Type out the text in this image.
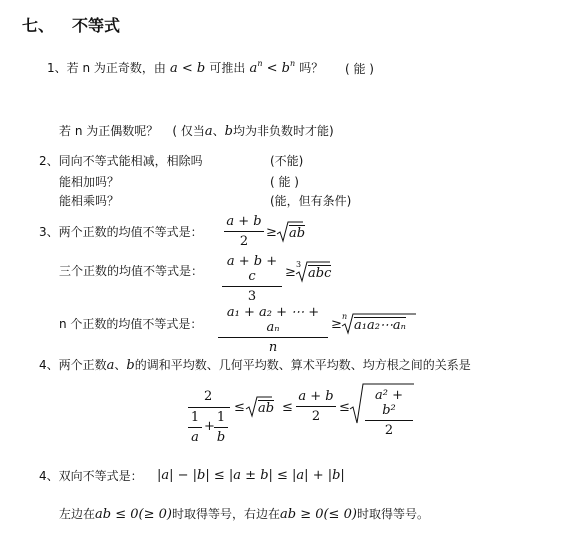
七、 不等式
1、若 n 为正奇数，由 a < b 可推出 $a^n < b^n$ 吗？ ( 能 )
若 n 为正偶数呢？ ( 仅当a、b均为非负数时才能)
2、同向不等式能相减，相除吗	(不能)
能相加吗？	( 能 )
能相乘吗？	(能，但有条件)
3、两个正数的均值不等式是： $\frac{a + b}{2}$ ≥ ab
三个正数的均值不等式是： $\frac{a + b + c}{3}$ ≥
3
abc
n 个正数的均值不等式是： $\frac{\text{a₁ + a₂ + ⋯ + aₙ}}{n}$ ≥
n
a₁a₂⋯aₙ
4、两个正数a、b的调和平均数、几何平均数、算术平均数、均方根之间的关系是
2
$\frac{1}{a} + \frac{1}{b}$
≤ ab ≤ $\frac{a + b}{2} \le \frac{\text{a² + b²}}{2}$
4、双向不等式是： |a| − |b| ≤ |a ± b| ≤ |a| + |b|
左边在ab ≤ 0(≥ 0)时取得等号，右边在ab ≥ 0(≤ 0)时取得等号。
